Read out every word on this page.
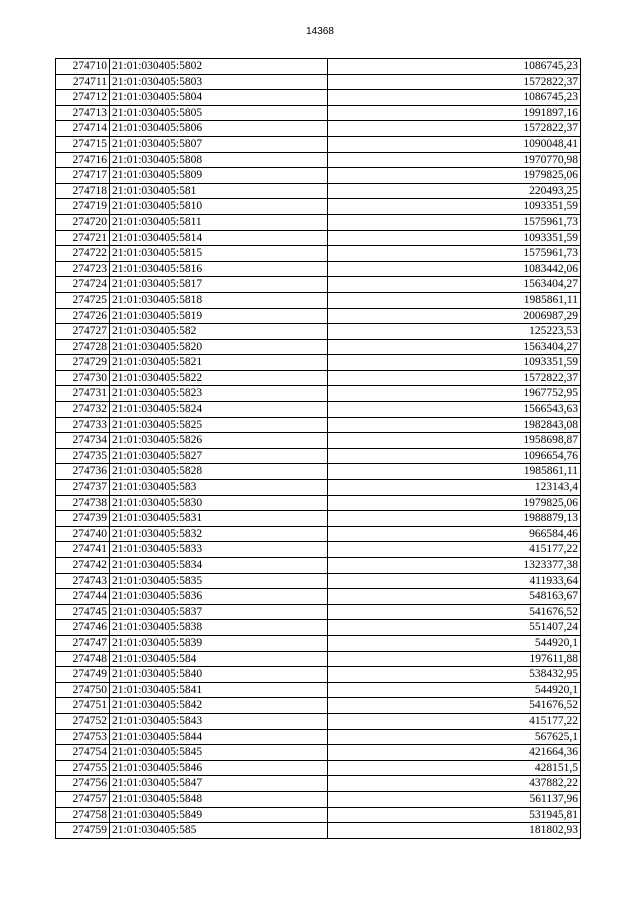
14368
274710	21:01:030405:5802	1086745,23
274711	21:01:030405:5803	1572822,37
274712	21:01:030405:5804	1086745,23
274713	21:01:030405:5805	1991897,16
274714	21:01:030405:5806	1572822,37
274715	21:01:030405:5807	1090048,41
274716	21:01:030405:5808	1970770,98
274717	21:01:030405:5809	1979825,06
274718	21:01:030405:581	220493,25
274719	21:01:030405:5810	1093351,59
274720	21:01:030405:5811	1575961,73
274721	21:01:030405:5814	1093351,59
274722	21:01:030405:5815	1575961,73
274723	21:01:030405:5816	1083442,06
274724	21:01:030405:5817	1563404,27
274725	21:01:030405:5818	1985861,11
274726	21:01:030405:5819	2006987,29
274727	21:01:030405:582	125223,53
274728	21:01:030405:5820	1563404,27
274729	21:01:030405:5821	1093351,59
274730	21:01:030405:5822	1572822,37
274731	21:01:030405:5823	1967752,95
274732	21:01:030405:5824	1566543,63
274733	21:01:030405:5825	1982843,08
274734	21:01:030405:5826	1958698,87
274735	21:01:030405:5827	1096654,76
274736	21:01:030405:5828	1985861,11
274737	21:01:030405:583	123143,4
274738	21:01:030405:5830	1979825,06
274739	21:01:030405:5831	1988879,13
274740	21:01:030405:5832	966584,46
274741	21:01:030405:5833	415177,22
274742	21:01:030405:5834	1323377,38
274743	21:01:030405:5835	411933,64
274744	21:01:030405:5836	548163,67
274745	21:01:030405:5837	541676,52
274746	21:01:030405:5838	551407,24
274747	21:01:030405:5839	544920,1
274748	21:01:030405:584	197611,88
274749	21:01:030405:5840	538432,95
274750	21:01:030405:5841	544920,1
274751	21:01:030405:5842	541676,52
274752	21:01:030405:5843	415177,22
274753	21:01:030405:5844	567625,1
274754	21:01:030405:5845	421664,36
274755	21:01:030405:5846	428151,5
274756	21:01:030405:5847	437882,22
274757	21:01:030405:5848	561137,96
274758	21:01:030405:5849	531945,81
274759	21:01:030405:585	181802,93
